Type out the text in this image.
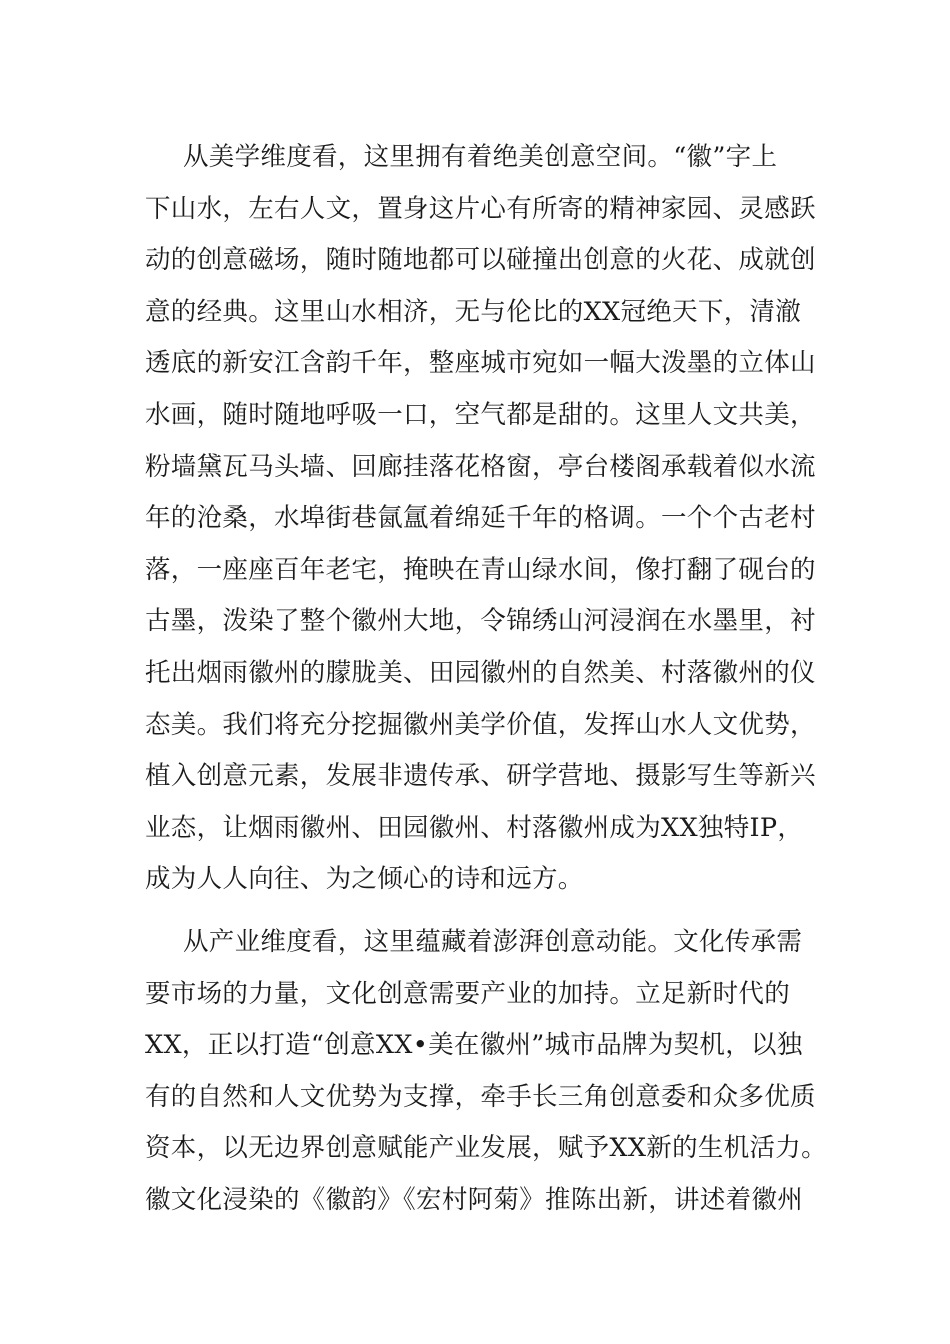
从美学维度看，这里拥有着绝美创意空间。“徽”字上
下山水，左右人文，置身这片心有所寄的精神家园、灵感跃
动的创意磁场，随时随地都可以碰撞出创意的火花、成就创
意的经典。这里山水相济，无与伦比的XX冠绝天下，清澈
透底的新安江含韵千年，整座城市宛如一幅大泼墨的立体山
水画，随时随地呼吸一口，空气都是甜的。这里人文共美，
粉墙黛瓦马头墙、回廊挂落花格窗，亭台楼阁承载着似水流
年的沧桑，水埠街巷氤氲着绵延千年的格调。一个个古老村
落，一座座百年老宅，掩映在青山绿水间，像打翻了砚台的
古墨，泼染了整个徽州大地，令锦绣山河浸润在水墨里，衬
托出烟雨徽州的朦胧美、田园徽州的自然美、村落徽州的仪
态美。我们将充分挖掘徽州美学价值，发挥山水人文优势，
植入创意元素，发展非遗传承、研学营地、摄影写生等新兴
业态，让烟雨徽州、田园徽州、村落徽州成为XX独特IP，
成为人人向往、为之倾心的诗和远方。

从产业维度看，这里蕴藏着澎湃创意动能。文化传承需
要市场的力量，文化创意需要产业的加持。立足新时代的
XX，正以打造“创意XX•美在徽州”城市品牌为契机，以独
有的自然和人文优势为支撑，牵手长三角创意委和众多优质
资本，以无边界创意赋能产业发展，赋予XX新的生机活力。
徽文化浸染的《徽韵》《宏村阿菊》推陈出新，讲述着徽州
